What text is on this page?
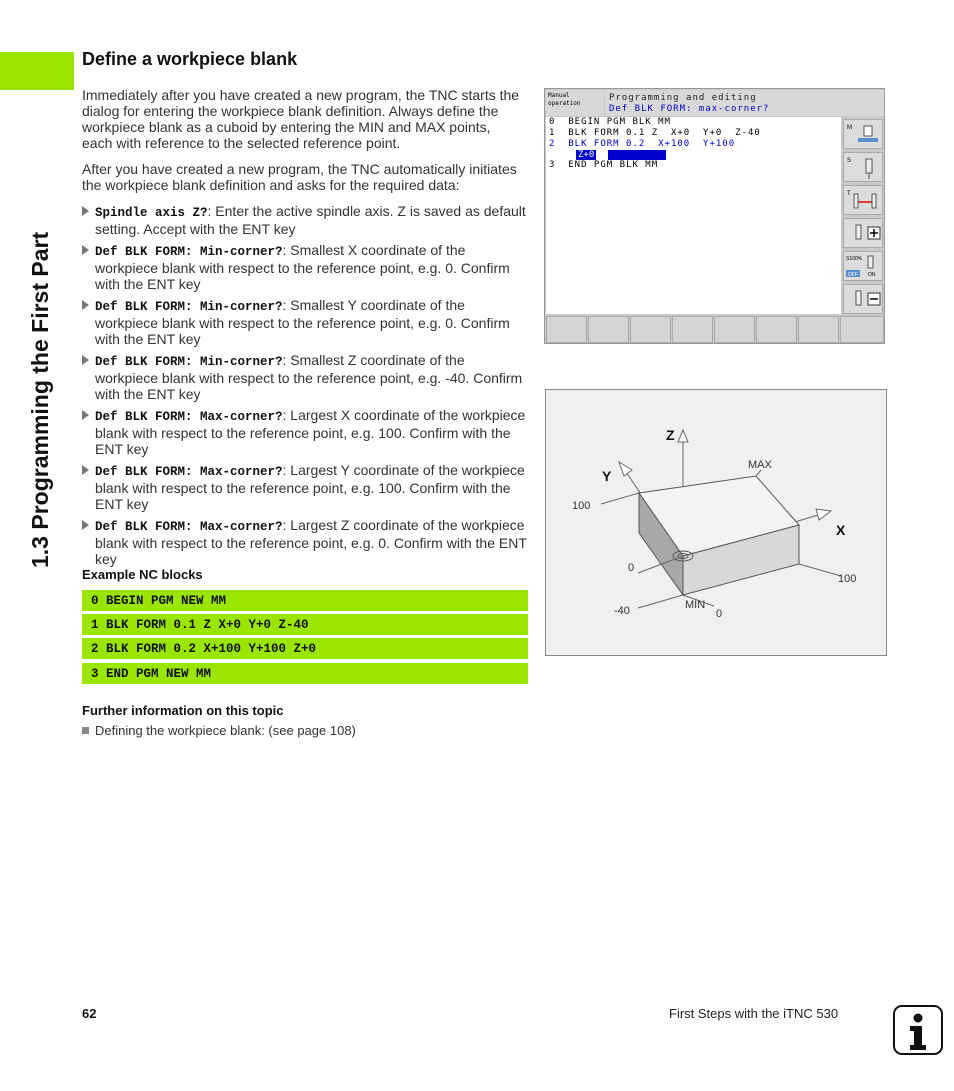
1.3 Programming the First Part
Define a workpiece blank
Immediately after you have created a new program, the TNC starts the dialog for entering the workpiece blank definition. Always define the workpiece blank as a cuboid by entering the MIN and MAX points, each with reference to the selected reference point.
After you have created a new program, the TNC automatically initiates the workpiece blank definition and asks for the required data:
Spindle axis Z?: Enter the active spindle axis. Z is saved as default setting. Accept with the ENT key
Def BLK FORM: Min-corner?: Smallest X coordinate of the workpiece blank with respect to the reference point, e.g. 0. Confirm with the ENT key
Def BLK FORM: Min-corner?: Smallest Y coordinate of the workpiece blank with respect to the reference point, e.g. 0. Confirm with the ENT key
Def BLK FORM: Min-corner?: Smallest Z coordinate of the workpiece blank with respect to the reference point, e.g. -40. Confirm with the ENT key
Def BLK FORM: Max-corner?: Largest X coordinate of the workpiece blank with respect to the reference point, e.g. 100. Confirm with the ENT key
Def BLK FORM: Max-corner?: Largest Y coordinate of the workpiece blank with respect to the reference point, e.g. 100. Confirm with the ENT key
Def BLK FORM: Max-corner?: Largest Z coordinate of the workpiece blank with respect to the reference point, e.g. 0. Confirm with the ENT key
Example NC blocks
0 BEGIN PGM NEW MM
1 BLK FORM 0.1 Z X+0 Y+0 Z-40
2 BLK FORM 0.2 X+100 Y+100 Z+0
3 END PGM NEW MM
Further information on this topic
Defining the workpiece blank: (see page 108)
Manual
operation
Programming and editing
Def BLK FORM: max-corner?
0  BEGIN PGM BLK MM
1  BLK FORM 0.1 Z  X+0  Y+0  Z-40
2  BLK FORM 0.2  X+100  Y+100
Z+0
3  END PGM BLK MM
M
S
T
S100%
OFF ON
Z
Y
X
MAX
MIN
100
0
-40
100
0
62	First Steps with the iTNC 530
